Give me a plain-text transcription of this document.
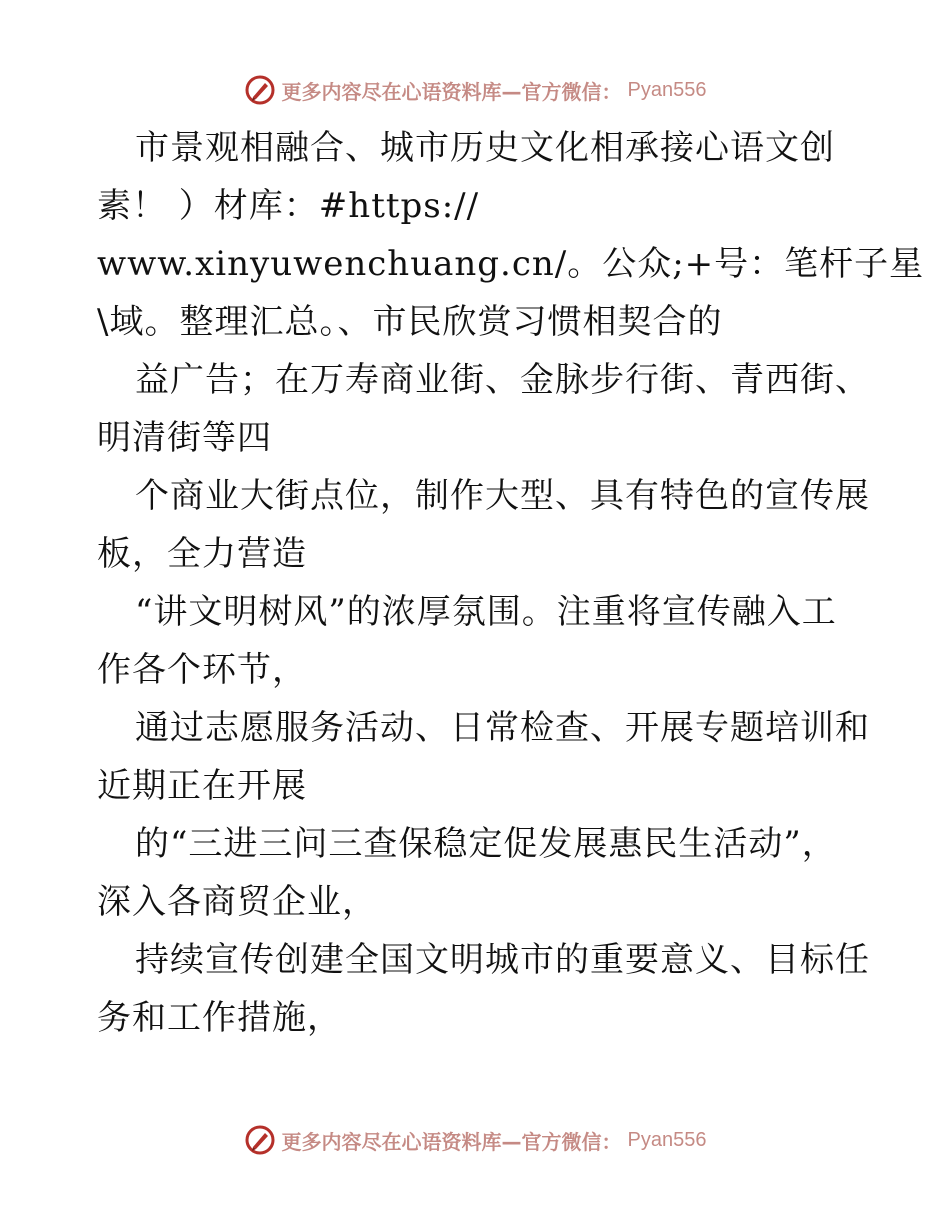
更多内容尽在心语资料库—官方微信： Pyan556
市景观相融合、城市历史文化相承接心语文创
素！ ）材库：#https://
www.xinyuwenchuang.cn/。公众;+号：笔杆子星
\域。整理汇总。、市民欣赏习惯相契合的
益广告；在万寿商业街、金脉步行街、青西街、
明清街等四
个商业大街点位，制作大型、具有特色的宣传展
板，全力营造
“讲文明树风”的浓厚氛围。注重将宣传融入工
作各个环节，
通过志愿服务活动、日常检查、开展专题培训和
近期正在开展
的“三进三问三查保稳定促发展惠民生活动”，
深入各商贸企业，
持续宣传创建全国文明城市的重要意义、目标任
务和工作措施，
更多内容尽在心语资料库—官方微信： Pyan556
